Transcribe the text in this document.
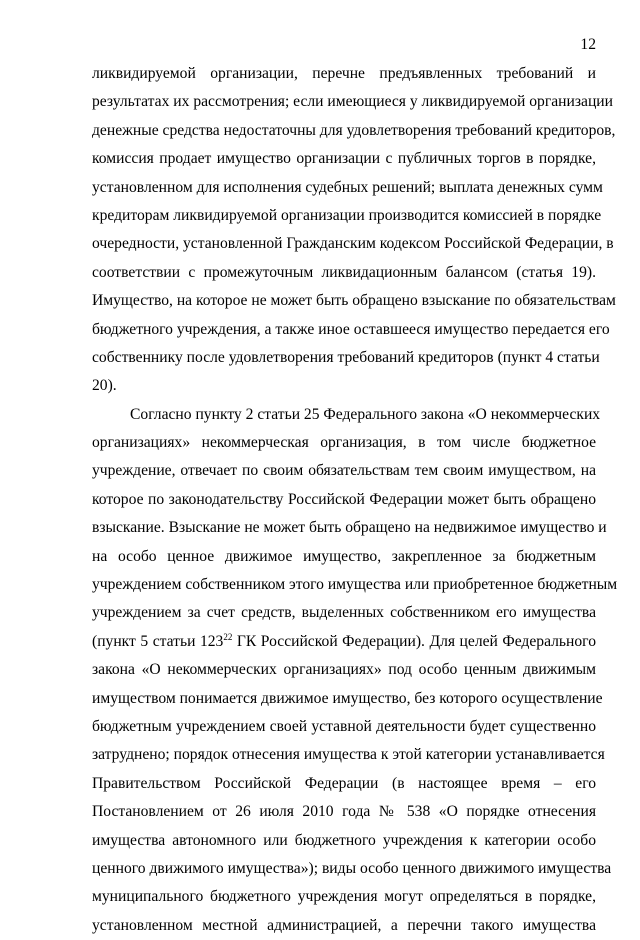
12
ликвидируемой организации, перечне предъявленных требований и
результатах их рассмотрения; если имеющиеся у ликвидируемой организации
денежные средства недостаточны для удовлетворения требований кредиторов,
комиссия продает имущество организации с публичных торгов в порядке,
установленном для исполнения судебных решений; выплата денежных сумм
кредиторам ликвидируемой организации производится комиссией в порядке
очередности, установленной Гражданским кодексом Российской Федерации, в
соответствии с промежуточным ликвидационным балансом (статья 19).
Имущество, на которое не может быть обращено взыскание по обязательствам
бюджетного учреждения, а также иное оставшееся имущество передается его
собственнику после удовлетворения требований кредиторов (пункт 4 статьи
20).
Согласно пункту 2 статьи 25 Федерального закона «О некоммерческих
организациях» некоммерческая организация, в том числе бюджетное
учреждение, отвечает по своим обязательствам тем своим имуществом, на
которое по законодательству Российской Федерации может быть обращено
взыскание. Взыскание не может быть обращено на недвижимое имущество и
на особо ценное движимое имущество, закрепленное за бюджетным
учреждением собственником этого имущества или приобретенное бюджетным
учреждением за счет средств, выделенных собственником его имущества
(пункт 5 статьи $123^{22}$ ГК Российской Федерации). Для целей Федерального
закона «О некоммерческих организациях» под особо ценным движимым
имуществом понимается движимое имущество, без которого осуществление
бюджетным учреждением своей уставной деятельности будет существенно
затруднено; порядок отнесения имущества к этой категории устанавливается
Правительством Российской Федерации (в настоящее время – его
Постановлением от 26 июля 2010 года № 538 «О порядке отнесения
имущества автономного или бюджетного учреждения к категории особо
ценного движимого имущества»); виды особо ценного движимого имущества
муниципального бюджетного учреждения могут определяться в порядке,
установленном местной администрацией, а перечни такого имущества
